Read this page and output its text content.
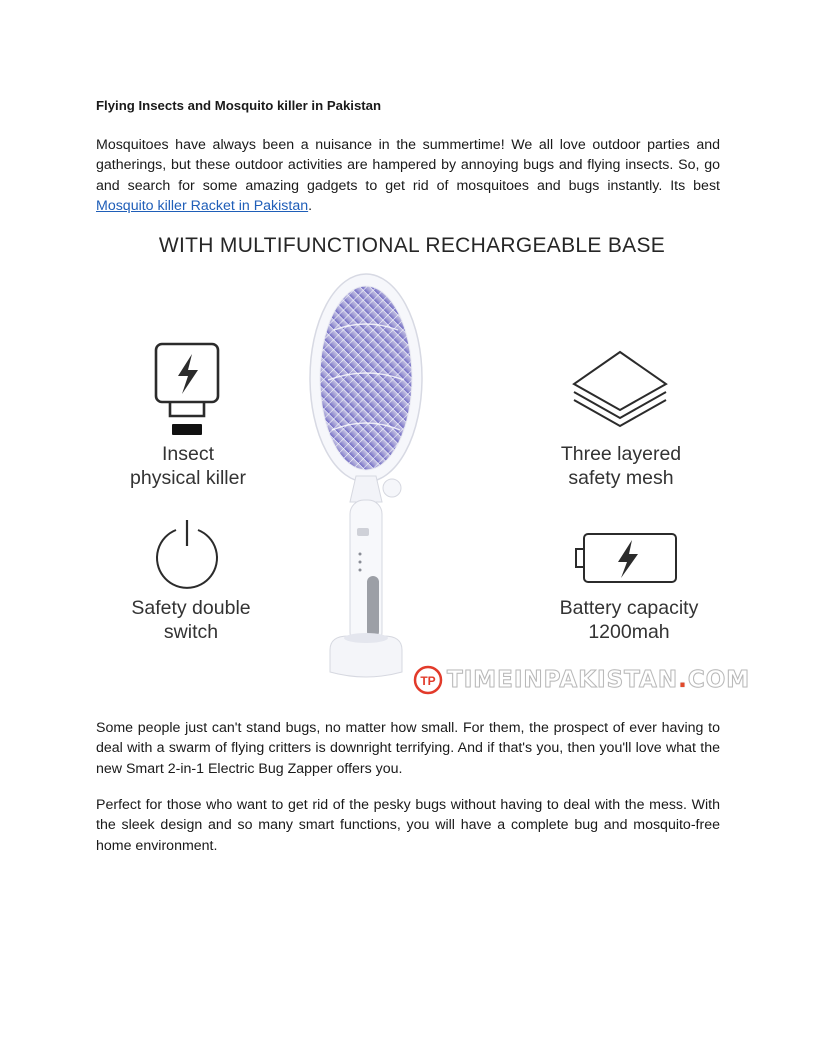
Flying Insects and Mosquito killer in Pakistan

Mosquitoes have always been a nuisance in the summertime! We all love outdoor parties and gatherings, but these outdoor activities are hampered by annoying bugs and flying insects. So, go and search for some amazing gadgets to get rid of mosquitoes and bugs instantly. Its best Mosquito killer Racket in Pakistan.

WITH MULTIFUNCTIONAL RECHARGEABLE BASE
Insect
physical killer
Three layered
safety mesh
Safety double
switch
Battery capacity
1200mah
TP TIMEINPAKISTAN.COM

Some people just can't stand bugs, no matter how small. For them, the prospect of ever having to deal with a swarm of flying critters is downright terrifying. And if that's you, then you'll love what the new Smart 2-in-1 Electric Bug Zapper offers you.

Perfect for those who want to get rid of the pesky bugs without having to deal with the mess. With the sleek design and so many smart functions, you will have a complete bug and mosquito-free home environment.
